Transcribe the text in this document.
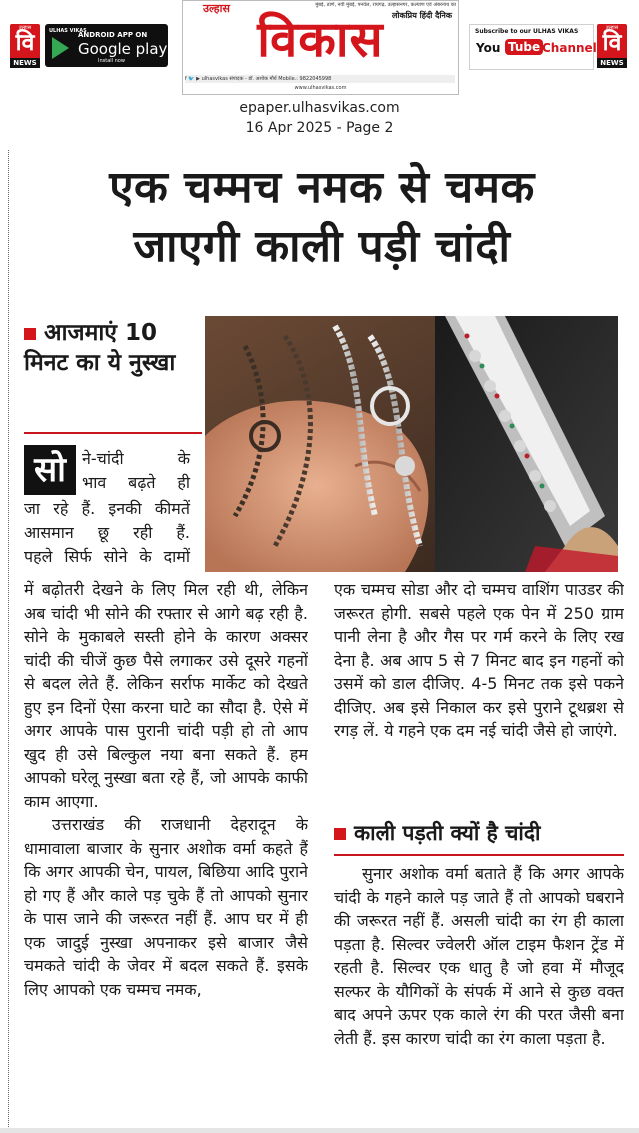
उल्हास
वि
NEWS
ULHAS VIKAS
ANDROID APP ON
Google play
Install now
उल्हास	मुंबई, ठाणे, नवी मुंबई, पनवेल, रायगढ़, उल्हासनगर, कल्याण एवं अंबरनाथ का
लोकप्रिय हिंदी दैनिक
विकास
f 🐦 ▶ ulhasvikas संपादक - डॉ. अशोक मौर्य Mobile.: 9822045998
www.ulhasvikas.com
Subscribe to our ULHAS VIKAS
You Tube Channel
उल्हास
वि
NEWS
epaper.ulhasvikas.com
16 Apr 2025 - Page 2
एक चम्मच नमक से चमक
जाएगी काली पड़ी चांदी
आजमाएं 10 मिनट का ये नुस्खा
सो	ने-चांदी के
भाव बढ़ते ही
जा रहे हैं. इनकी कीमतें
आसमान छू रही हैं.
पहले सिर्फ सोने के दामों

में बढ़ोतरी देखने के लिए मिल रही थी, लेकिन अब चांदी भी सोने की रफ्तार से आगे बढ़ रही है. सोने के मुकाबले सस्ती होने के कारण अक्सर चांदी की चीजें कुछ पैसे लगाकर उसे दूसरे गहनों से बदल लेते हैं. लेकिन सर्राफ मार्केट को देखते हुए इन दिनों ऐसा करना घाटे का सौदा है. ऐसे में अगर आपके पास पुरानी चांदी पड़ी हो तो आप खुद ही उसे बिल्कुल नया बना सकते हैं. हम आपको घरेलू नुस्खा बता रहे हैं, जो आपके काफी काम आएगा.

उत्तराखंड की राजधानी देहरादून के धामावाला बाजार के सुनार अशोक वर्मा कहते हैं कि अगर आपकी चेन, पायल, बिछिया आदि पुराने हो गए हैं और काले पड़ चुके हैं तो आपको सुनार के पास जाने की जरूरत नहीं हैं. आप घर में ही एक जादुई नुस्खा अपनाकर इसे बाजार जैसे चमकते चांदी के जेवर में बदल सकते हैं. इसके लिए आपको एक चम्मच नमक,

एक चम्मच सोडा और दो चम्मच वाशिंग पाउडर की जरूरत होगी. सबसे पहले एक पेन में 250 ग्राम पानी लेना है और गैस पर गर्म करने के लिए रख देना है. अब आप 5 से 7 मिनट बाद इन गहनों को उसमें को डाल दीजिए. 4-5 मिनट तक इसे पकने दीजिए. अब इसे निकाल कर इसे पुराने टूथब्रश से रगड़ लें. ये गहने एक दम नई चांदी जैसे हो जाएंगे.

काली पड़ती क्यों है चांदी

सुनार अशोक वर्मा बताते हैं कि अगर आपके चांदी के गहने काले पड़ जाते हैं तो आपको घबराने की जरूरत नहीं हैं. असली चांदी का रंग ही काला पड़ता है. सिल्वर ज्वेलरी ऑल टाइम फैशन ट्रेंड में रहती है. सिल्वर एक धातु है जो हवा में मौजूद सल्फर के यौगिकों के संपर्क में आने से कुछ वक्त बाद अपने ऊपर एक काले रंग की परत जैसी बना लेती हैं. इस कारण चांदी का रंग काला पड़ता है.
